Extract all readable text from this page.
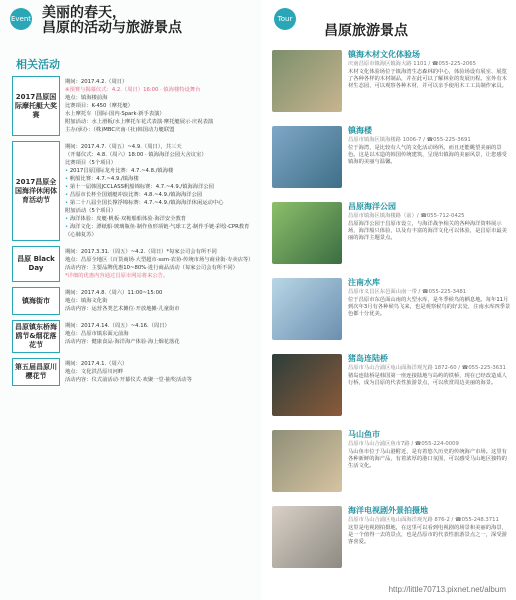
Event 美丽的春天，
昌原的活动与旅游景点
相关活动
2017昌原国际摩托艇大奖赛

期间：2017.4.2.（周日）

※预赛与揭幕仪式：4.2.（周日）16:00 · 镇海楼特设舞台

地点：镇海楼前海

比赛项目：K-450（摩托艇）

水上摩托车（国际·国内·Spark·新手表演）

附加活动：水上滑板/水上摩托车花式表演·摩托艇展示·庆祝表演

主办/承办：（株)MBC庆南·（社)韩国动力艇联盟

2017昌原全国海洋休闲体育活动节

期间：2017.4.7.（周五）~4.9.（周日），共三天

（开幕仪式：4.8.（周六）18:00 · 镇海海洋公园大舍议室）

比赛项目（5个项目）

• 2017昌原国际龙舟比赛：4.7.~4.8./镇海楼

• 帆船比赛：4.7.~4.9./镇海楼

• 第十一届韩国JCCLASS帆船锦标赛：4.7.~4.9./镇海海洋公园

• 昌原市长杯全国划艇冲浪比赛：4.8.~4.9./镇海海洋公园

• 第二十八届全国长撑浮锦标赛：4.7.~4.9./镇海海洋休闲运动中心

附加活动（5个项目）

• 海洋体验：皮艇·帆板·双桅船船体验·海洋安全教育

• 海洋文化：漂纸船·玻璃瓶鱼·制作鱼形项链·气球工艺·制作手链·彩绘·CPR教育（心肺复苏）

昌原 Black Day

期间：2017.3.31.（周五）~4.2.（周日）*每家公司会有所不同

地点：昌原全地区（百货商场·大型超市·ssm·农协·传统市场与商业街·专卖店等）

活动内容：主要品牌优惠10~80%·进行商品活动（每家公司会有所不同）

*详细的优惠内容通过昌原市网站将来公告。

镇海街市

期间：2017.4.8.（周六）11:00~15:00

地点：镇海文化街

活动内容：运营各类艺术摊位·开放地摊·儿童街市

昌原镇东桥海鸥节&烟花落花节

期间：2017.4.14.（周五）~4.16.（周日）

地点：昌原市镇东面元前海

活动内容：健康食品·海洋海产体验·海上烟花落花

第五届昌原川樱花节

期间：2017.4.1.（周六）

地点：文化洪昌原川河畔

活动内容：仪式前活动·开幕仪式·欢聚一堂·抽奖活动等

Tour
昌原旅游景点
镇海木材文化体验场
庆南昌原市镇海区镇海大路 1101 / ☎055-225-2065
木材文化体验场位于镇海湾生态森林的中心，体验场设有展室、展览了各种各样的木材制品，并在此可以了解林业的发展历程。室外有木材生态园，可以观察各种木材，并可以亲手使用木工工具制作家具。
镇海楼
昌原市镇海区镇海楼路 1006-7 / ☎055-225-3691
位于海湾，是比较有人气的文化活动场所。而且还能眺望美丽的景色。这是以木造的韩国传统建筑，呈现出镇海的美丽风景，让您感受镇海的美丽与温馨。
昌原海洋公园
昌原市镇海区镇海楼路（前）/ ☎055-712-0425
昌原海洋公园于昌原市设立，与海洋战争相关的各种海洋资料展示场，海洋船只体验，以及有丰富的海洋文化可以体验，是昌原市最美丽的海洋主题景点。
注南水库
昌原市义昌区东邑面山南一带 / ☎055-225-3481
位于昌原市东邑面山南的大型水库，是冬季候鸟的栖息地。每年11月到次年3月有各种候鸟飞来，也是观察候鸟的好去处，注南水库四季景色都十分优美。
猪岛连陆桥
昌原市马山合浦区龟山面海洋观光路 1872-60 / ☎055-225-3631
猪岛连陆桥是韩国第一座连接陆地与岛屿的铁桥，现在已经改造成人行桥，成为昌原的代表性旅游景点，可以欣赏周边美丽的海景。
马山鱼市
昌原市马山合浦区鱼市7路 / ☎055-224-0009
马山鱼市位于马山港附近，是有着悠久历史的传统海产市场。这里有各种新鲜的海产品，有着浓厚的港口氛围，可以感受马山地区独特的生活文化。
海洋电视剧外景拍摄地
昌原市马山合浦区龟山面海洋观光路 876-2 / ☎055-248.3711
这里是电视剧拍摄地，在这里可以看到电视剧的场景和美丽的海景，是一个值得一去的景点，也是昌原市的代表性旅游景点之一，深受游客喜爱。
http://little70713.pixnet.net/album
